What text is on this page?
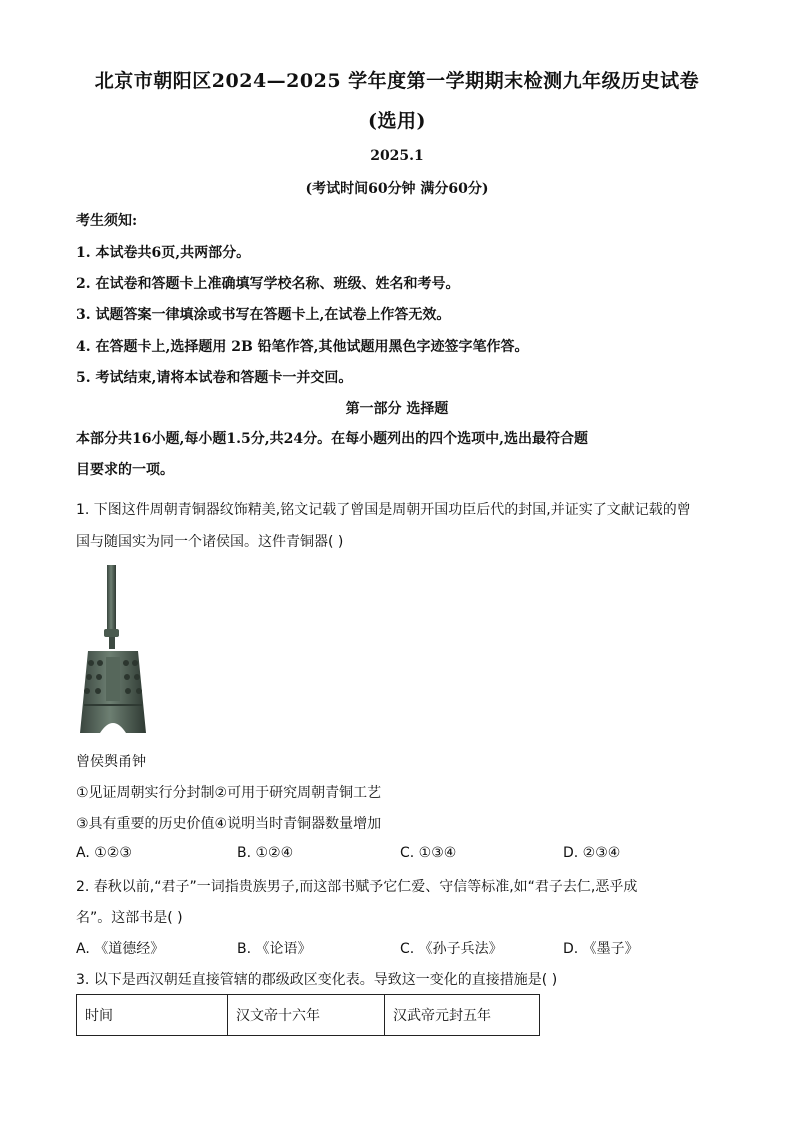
北京市朝阳区2024—2025 学年度第一学期期末检测九年级历史试卷
(选用)
2025.1
(考试时间60分钟 满分60分)
考生须知:
1. 本试卷共6页,共两部分。
2. 在试卷和答题卡上准确填写学校名称、班级、姓名和考号。
3. 试题答案一律填涂或书写在答题卡上,在试卷上作答无效。
4. 在答题卡上,选择题用 2B 铅笔作答,其他试题用黑色字迹签字笔作答。
5. 考试结束,请将本试卷和答题卡一并交回。
第一部分 选择题
本部分共16小题,每小题1.5分,共24分。在每小题列出的四个选项中,选出最符合题
目要求的一项。
1. 下图这件周朝青铜器纹饰精美,铭文记载了曾国是周朝开国功臣后代的封国,并证实了文献记载的曾
国与随国实为同一个诸侯国。这件青铜器( )
曾侯舆甬钟
①见证周朝实行分封制②可用于研究周朝青铜工艺
③具有重要的历史价值④说明当时青铜器数量增加
A. ①②③	B. ①②④	C. ①③④	D. ②③④
2. 春秋以前,“君子”一词指贵族男子,而这部书赋予它仁爱、守信等标准,如“君子去仁,恶乎成
名”。这部书是( )
A. 《道德经》	B. 《论语》	C. 《孙子兵法》	D. 《墨子》
3. 以下是西汉朝廷直接管辖的郡级政区变化表。导致这一变化的直接措施是( )
时间	汉文帝十六年	汉武帝元封五年
